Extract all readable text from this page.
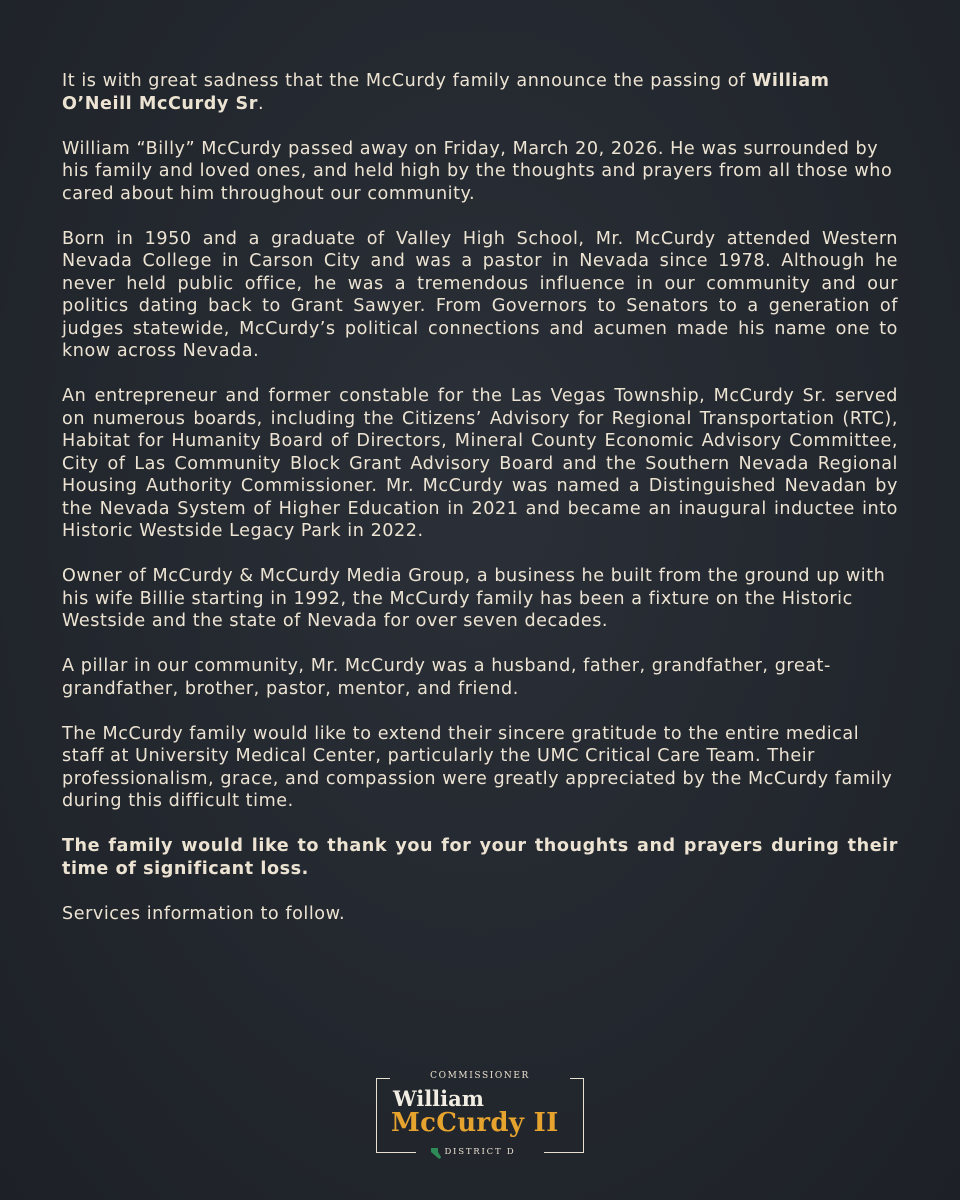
It is with great sadness that the McCurdy family announce the passing of William O’Neill McCurdy Sr.

William “Billy” McCurdy passed away on Friday, March 20, 2026. He was surrounded by his family and loved ones, and held high by the thoughts and prayers from all those who cared about him throughout our community.

Born in 1950 and a graduate of Valley High School, Mr. McCurdy attended Western Nevada College in Carson City and was a pastor in Nevada since 1978. Although he never held public office, he was a tremendous influence in our community and our politics dating back to Grant Sawyer. From Governors to Senators to a generation of judges statewide, McCurdy’s political connections and acumen made his name one to know across Nevada.

An entrepreneur and former constable for the Las Vegas Township, McCurdy Sr. served on numerous boards, including the Citizens’ Advisory for Regional Transportation (RTC), Habitat for Humanity Board of Directors, Mineral County Economic Advisory Committee, City of Las Community Block Grant Advisory Board and the Southern Nevada Regional Housing Authority Commissioner. Mr. McCurdy was named a Distinguished Nevadan by the Nevada System of Higher Education in 2021 and became an inaugural inductee into Historic Westside Legacy Park in 2022.

Owner of McCurdy & McCurdy Media Group, a business he built from the ground up with his wife Billie starting in 1992, the McCurdy family has been a fixture on the Historic Westside and the state of Nevada for over seven decades.

A pillar in our community, Mr. McCurdy was a husband, father, grandfather, great-grandfather, brother, pastor, mentor, and friend.

The McCurdy family would like to extend their sincere gratitude to the entire medical staff at University Medical Center, particularly the UMC Critical Care Team. Their professionalism, grace, and compassion were greatly appreciated by the McCurdy family during this difficult time.

The family would like to thank you for your thoughts and prayers during their time of significant loss.

Services information to follow.

COMMISSIONER
William
McCurdy II
DISTRICT D
